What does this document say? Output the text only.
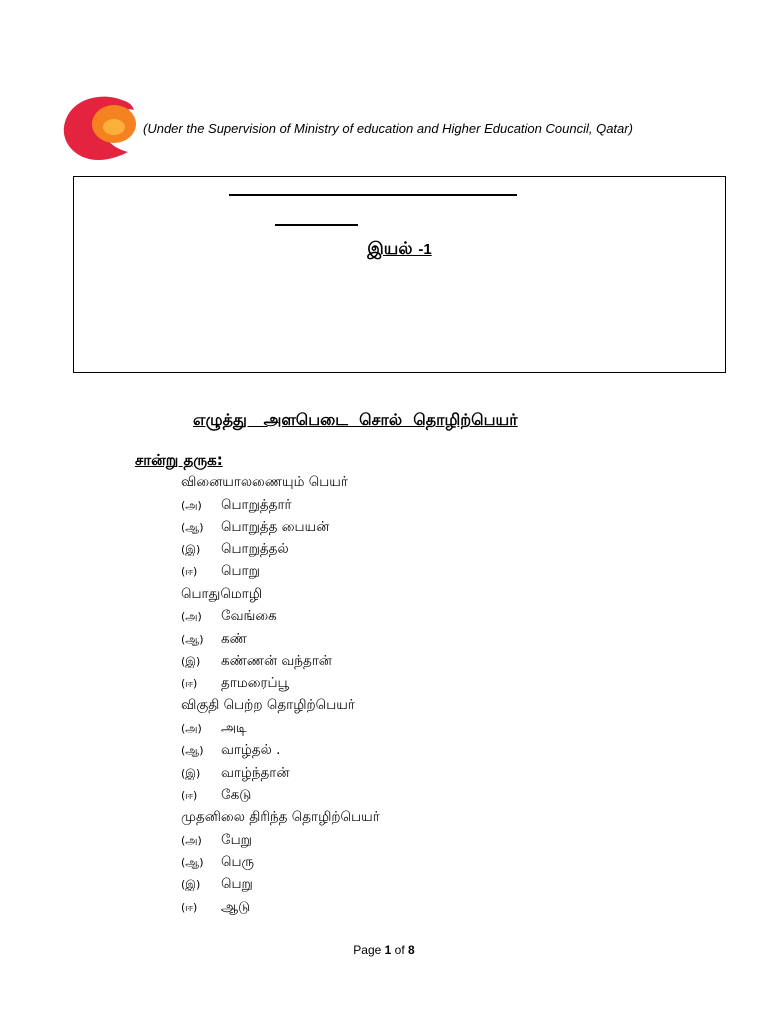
(Under the Supervision of Ministry of education and Higher Education Council, Qatar)
இயல் -1
எழுத்து   அளபெடை  சொல்  தொழிற்பெயர்
சான்று தருக:
வினையாலணையும் பெயர்
(அ) பொறுத்தார்
(ஆ) பொறுத்த பையன்
(இ) பொறுத்தல்
(ஈ) பொறு
பொதுமொழி
(அ) வேங்கை
(ஆ) கண்
(இ) கண்ணன் வந்தான்
(ஈ) தாமரைப்பூ
விகுதி பெற்ற தொழிற்பெயர்
(அ) அடி
(ஆ) வாழ்தல் .
(இ) வாழ்ந்தான்
(ஈ) கேடு
முதனிலை திரிந்த தொழிற்பெயர்
(அ) பேறு
(ஆ) பெரு
(இ) பெறு
(ஈ) ஆடு
Page 1 of 8
